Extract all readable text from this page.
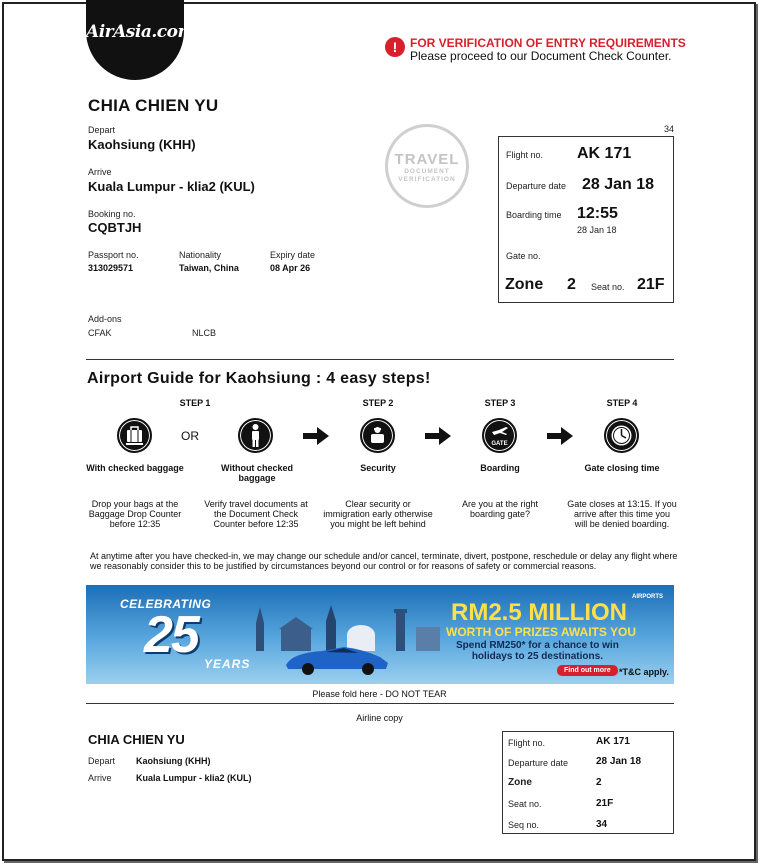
AirAsia.com
!	FOR VERIFICATION OF ENTRY REQUIREMENTS
Please proceed to our Document Check Counter.
CHIA CHIEN YU
34
Depart
Kaohsiung (KHH)
Arrive
Kuala Lumpur - klia2 (KUL)
Booking no.
CQBTJH
Passport no.
313029571
Nationality
Taiwan, China
Expiry date
08 Apr 26
Add-ons
CFAK	NLCB
TRAVEL
DOCUMENT
VERIFICATION
Flight no. AK 171
Departure date 28 Jan 18
Boarding time 12:55
28 Jan 18
Gate no.
Zone 2 Seat no. 21F
Airport Guide for Kaohsiung : 4 easy steps!
STEP 1	STEP 2	STEP 3	STEP 4
OR
GATE
With checked baggage	Without checked baggage
Security	Boarding	Gate closing time
Drop your bags at the Baggage Drop Counter before 12:35
Verify travel documents at the Document Check Counter before 12:35
Clear security or immigration early otherwise you might be left behind
Are you at the right boarding gate?
Gate closes at 13:15. If you arrive after this time you will be denied boarding.
At anytime after you have checked-in, we may change our schedule and/or cancel, terminate, divert, postpone, reschedule or delay any flight where we reasonably consider this to be justified by circumstances beyond our control or for reasons of safety or commercial reasons.
CELEBRATING
25 YEARS
AIRPORTS
RM2.5 MILLION
WORTH OF PRIZES AWAITS YOU
Spend RM250* for a chance to win
holidays to 25 destinations.
Find out more *T&C apply.
Please fold here - DO NOT TEAR
Airline copy
CHIA CHIEN YU
Depart Kaohsiung (KHH)
Arrive	Kuala Lumpur - klia2 (KUL)
Flight no.	AK 171
Departure date	28 Jan 18
Zone	2
Seat no.	21F
Seq no.	34
